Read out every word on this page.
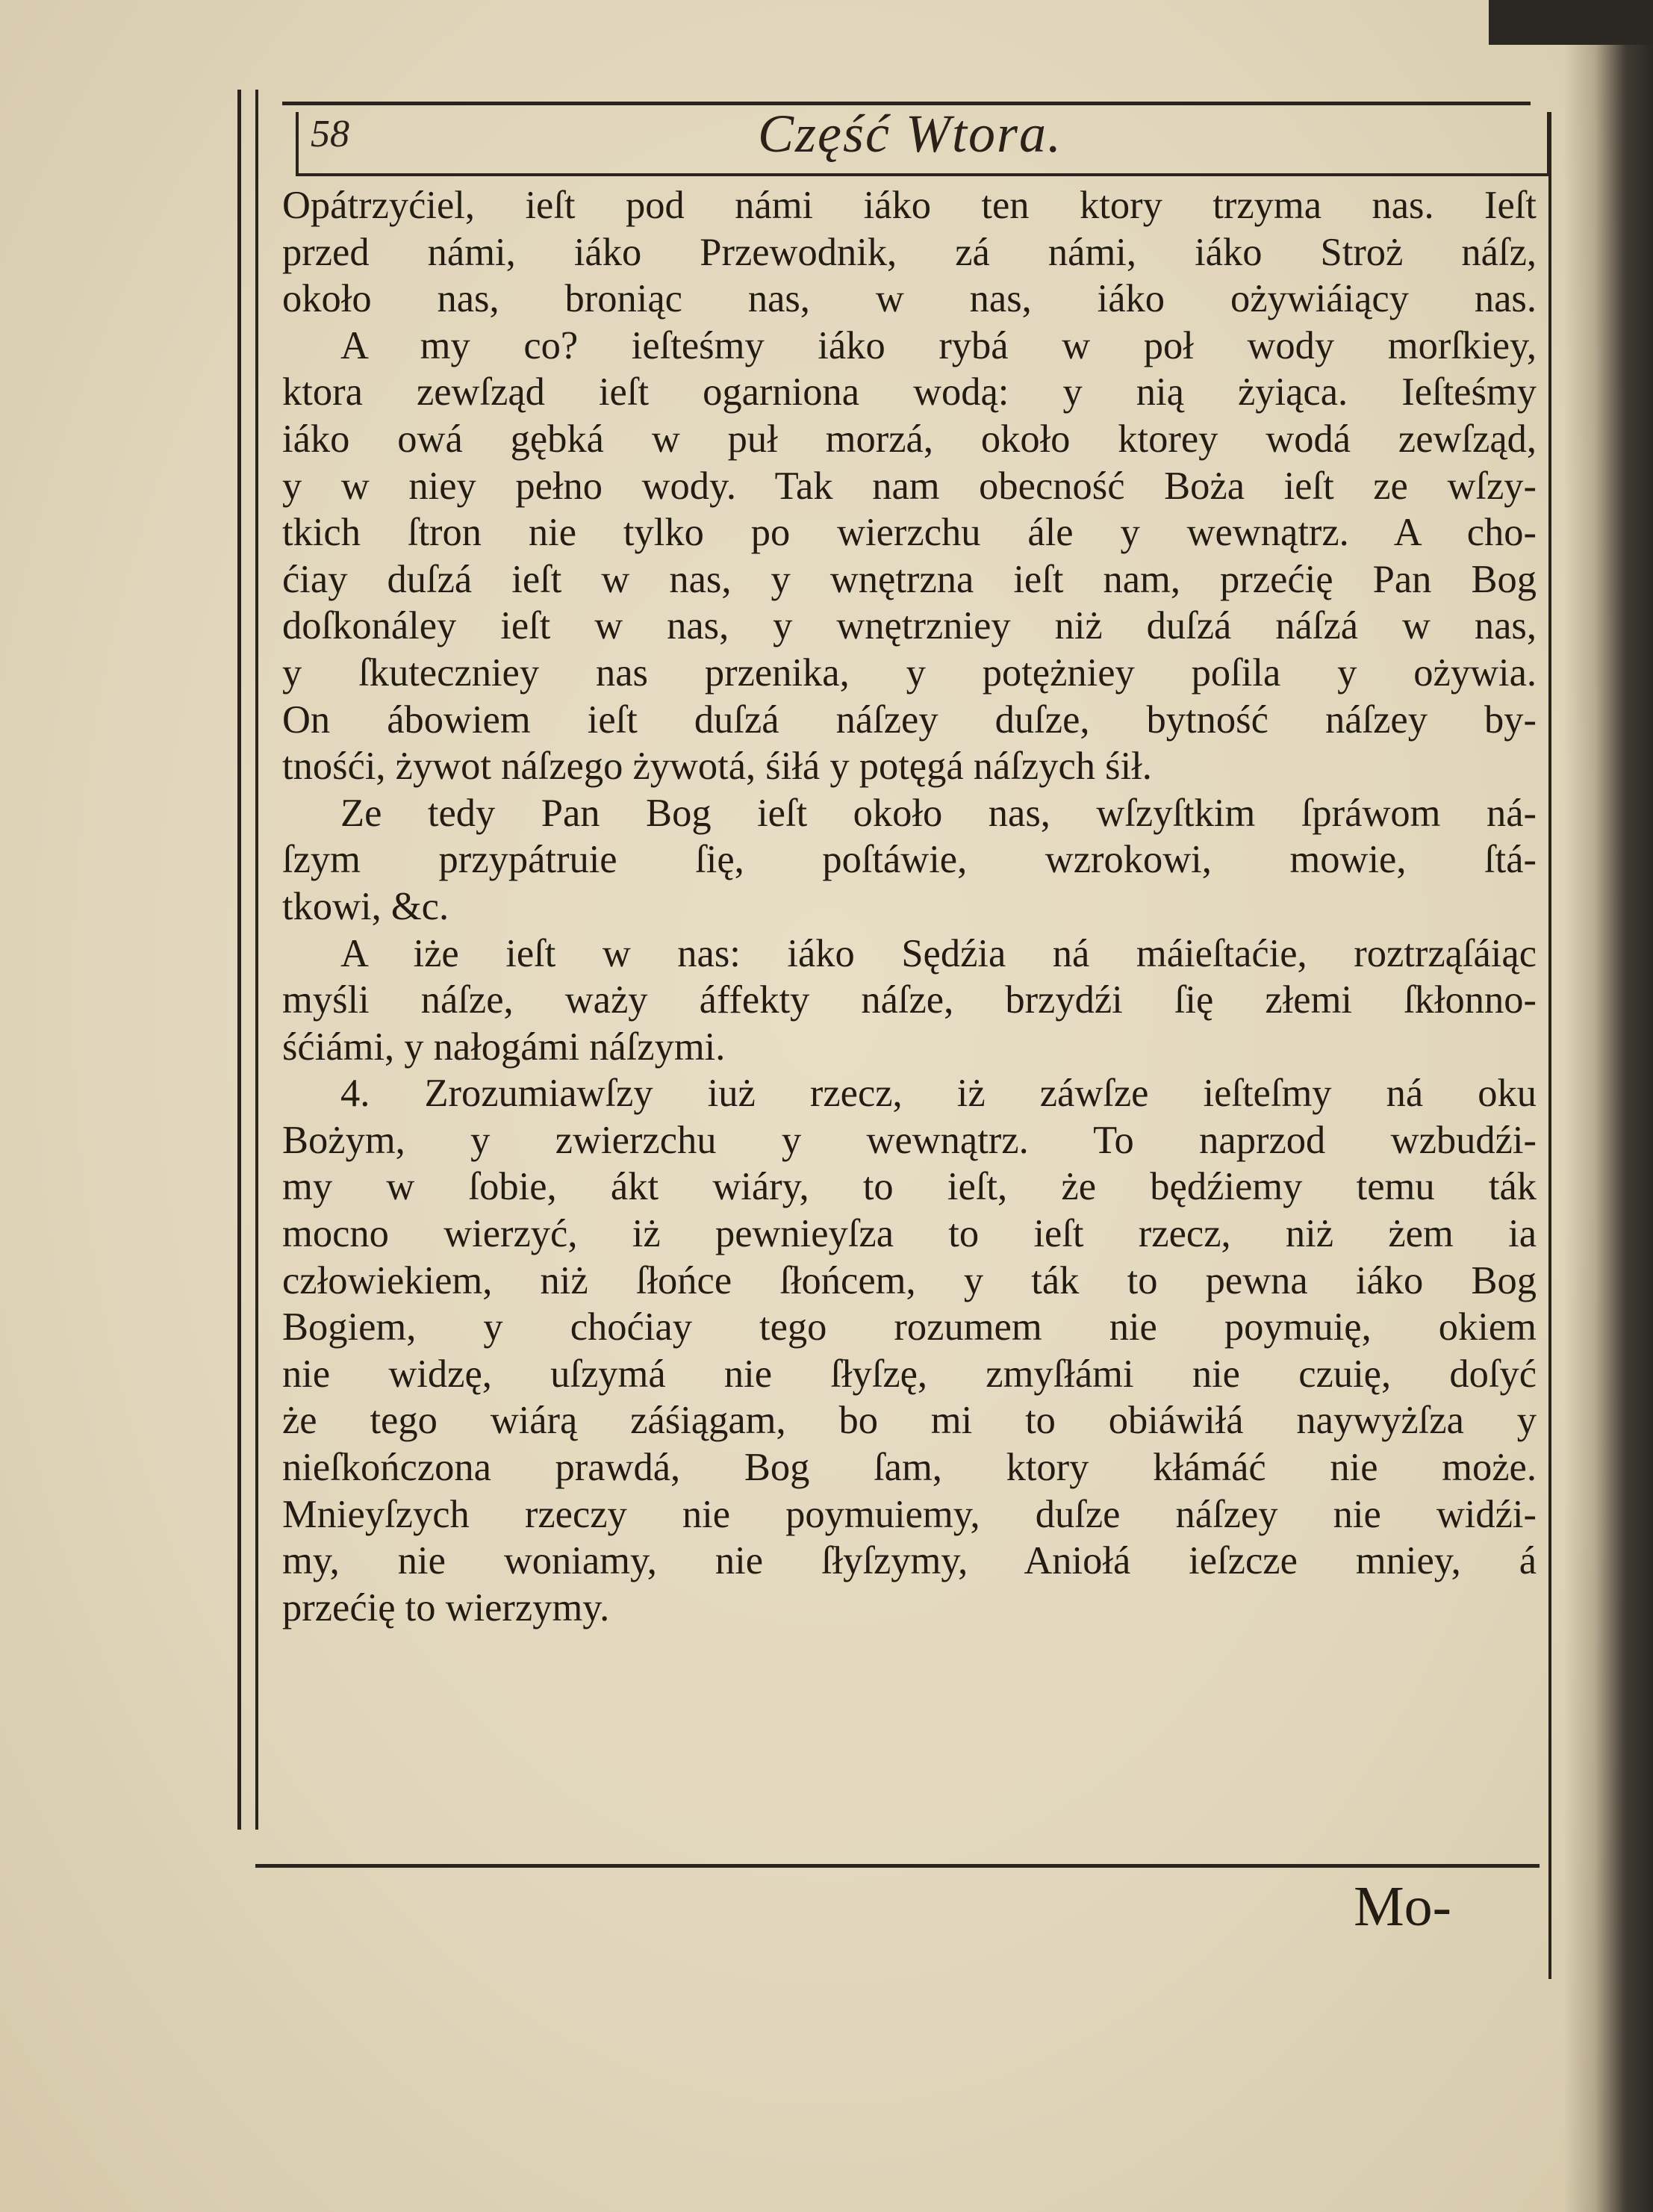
58	Część Wtora.
Opátrzyćiel, ieſt pod námi iáko ten ktory trzyma nas. Ieſt
przed námi, iáko Przewodnik, zá námi, iáko Stroż náſz,
około nas, broniąc nas, w nas, iáko ożywiáiący nas.
A my co? ieſteśmy iáko rybá w poł wody morſkiey,
ktora zewſząd ieſt ogarniona wodą: y nią żyiąca. Ieſteśmy
iáko owá gębká w puł morzá, około ktorey wodá zewſząd,
y w niey pełno wody. Tak nam obecność Boża ieſt ze wſzy-
tkich ſtron nie tylko po wierzchu ále y wewnątrz. A cho-
ćiay duſzá ieſt w nas, y wnętrzna ieſt nam, przećię Pan Bog
doſkonáley ieſt w nas, y wnętrzniey niż duſzá náſzá w nas,
y ſkuteczniey nas przenika, y potężniey poſila y ożywia.
On ábowiem ieſt duſzá náſzey duſze, bytność náſzey by-
tnośći, żywot náſzego żywotá, śiłá y potęgá náſzych śił.
Ze tedy Pan Bog ieſt około nas, wſzyſtkim ſpráwom ná-
ſzym przypátruie ſię, poſtáwie, wzrokowi, mowie, ſtá-
tkowi, &c.
A iże ieſt w nas: iáko Sędźia ná máieſtaćie, roztrząſáiąc
myśli náſze, waży áffekty náſze, brzydźi ſię złemi ſkłonno-
śćiámi, y nałogámi náſzymi.
4. Zrozumiawſzy iuż rzecz, iż záwſze ieſteſmy ná oku
Bożym, y zwierzchu y wewnątrz. To naprzod wzbudźi-
my w ſobie, ákt wiáry, to ieſt, że będźiemy temu ták
mocno wierzyć, iż pewnieyſza to ieſt rzecz, niż żem ia
człowiekiem, niż ſłońce ſłońcem, y ták to pewna iáko Bog
Bogiem, y choćiay tego rozumem nie poymuię, okiem
nie widzę, uſzymá nie ſłyſzę, zmyſłámi nie czuię, doſyć
że tego wiárą záśiągam, bo mi to obiáwiłá naywyżſza y
nieſkończona prawdá, Bog ſam, ktory kłámáć nie może.
Mnieyſzych rzeczy nie poymuiemy, duſze náſzey nie widźi-
my, nie woniamy, nie ſłyſzymy, Aniołá ieſzcze mniey, á
przećię to wierzymy.
Mo-
